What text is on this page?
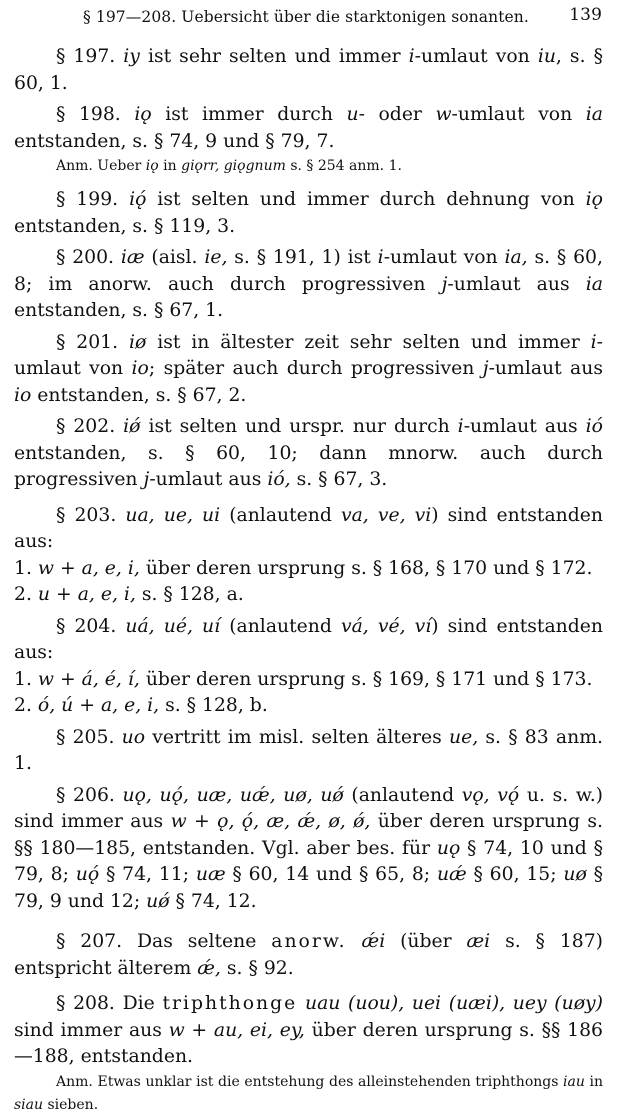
§ 197—208. Uebersicht über die starktonigen sonanten. 139

§ 197. iy ist sehr selten und immer i-umlaut von iu, s. § 60, 1.

§ 198. iǫ ist immer durch u- oder w-umlaut von ia entstanden, s. § 74, 9 und § 79, 7.

Anm. Ueber iǫ in giǫrr, giǫgnum s. § 254 anm. 1.

§ 199. iǫ́ ist selten und immer durch dehnung von iǫ entstanden, s. § 119, 3.

§ 200. iæ (aisl. ie, s. § 191, 1) ist i-umlaut von ia, s. § 60, 8; im anorw. auch durch progressiven j-umlaut aus ia entstanden, s. § 67, 1.

§ 201. iø ist in ältester zeit sehr selten und immer i-umlaut von io; später auch durch progressiven j-umlaut aus io entstanden, s. § 67, 2.

§ 202. iǿ ist selten und urspr. nur durch i-umlaut aus ió entstanden, s. § 60, 10; dann mnorw. auch durch progressiven j-umlaut aus ió, s. § 67, 3.

§ 203. ua, ue, ui (anlautend va, ve, vi) sind entstanden aus:

1. w + a, e, i, über deren ursprung s. § 168, § 170 und § 172.

2. u + a, e, i, s. § 128, a.

§ 204. uá, ué, uí (anlautend vá, vé, ví) sind entstanden aus:

1. w + á, é, í, über deren ursprung s. § 169, § 171 und § 173.

2. ó, ú + a, e, i, s. § 128, b.

§ 205. uo vertritt im misl. selten älteres ue, s. § 83 anm. 1.

§ 206. uǫ, uǫ́, uæ, uǽ, uø, uǿ (anlautend vǫ, vǫ́ u. s. w.) sind immer aus w + ǫ, ǫ́, æ, ǽ, ø, ǿ, über deren ursprung s. §§ 180—185, entstanden. Vgl. aber bes. für uǫ § 74, 10 und § 79, 8; uǫ́ § 74, 11; uæ § 60, 14 und § 65, 8; uǽ § 60, 15; uø § 79, 9 und 12; uǿ § 74, 12.

§ 207. Das seltene anorw. ǽi (über æi s. § 187) entspricht älterem ǽ, s. § 92.

§ 208. Die triphthonge uau (uou), uei (uæi), uey (uøy) sind immer aus w + au, ei, ey, über deren ursprung s. §§ 186 —188, entstanden.

Anm. Etwas unklar ist die entstehung des alleinstehenden triphthongs iau in siau sieben.
